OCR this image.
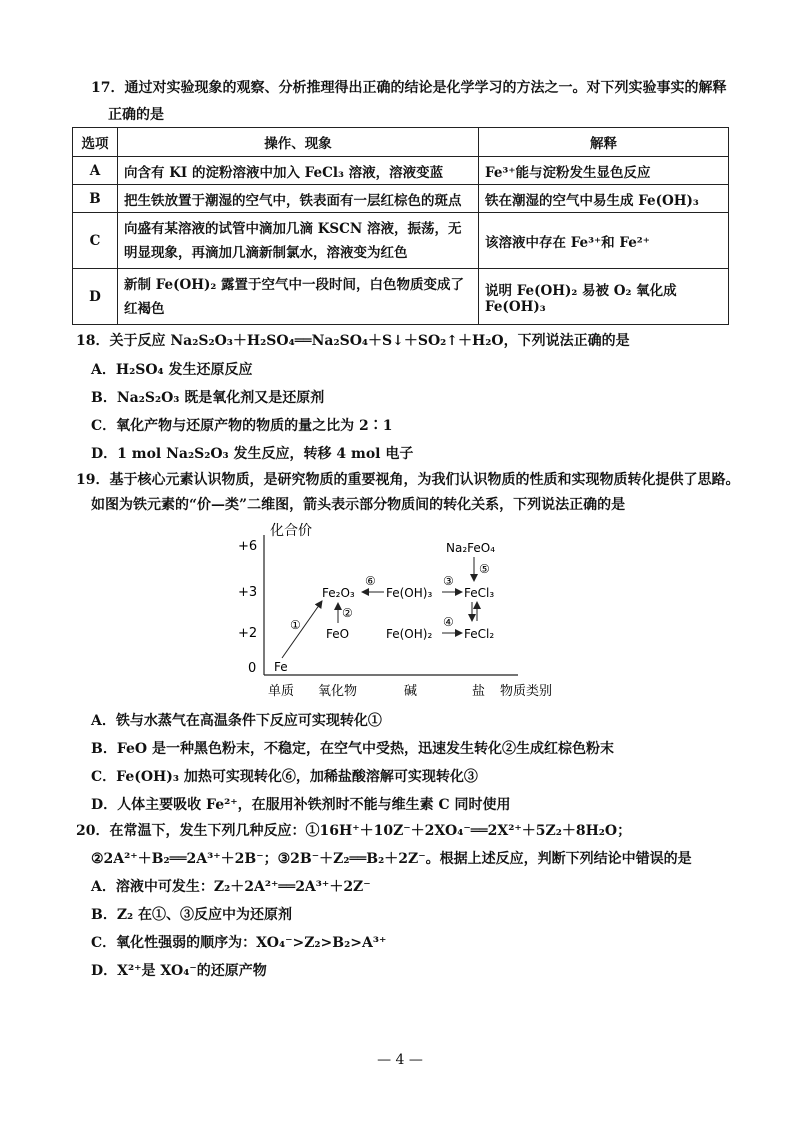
17．通过对实验现象的观察、分析推理得出正确的结论是化学学习的方法之一。对下列实验事实的解释
正确的是
选项	操作、现象	解释
A	向含有 KI 的淀粉溶液中加入 FeCl₃ 溶液，溶液变蓝	Fe³⁺能与淀粉发生显色反应
B	把生铁放置于潮湿的空气中，铁表面有一层红棕色的斑点	铁在潮湿的空气中易生成 Fe(OH)₃
C	向盛有某溶液的试管中滴加几滴 KSCN 溶液，振荡，无明显现象，再滴加几滴新制氯水，溶液变为红色	该溶液中存在 Fe³⁺和 Fe²⁺
D	新制 Fe(OH)₂ 露置于空气中一段时间，白色物质变成了红褐色	说明 Fe(OH)₂ 易被 O₂ 氧化成 Fe(OH)₃
18．关于反应 Na₂S₂O₃＋H₂SO₄══Na₂SO₄＋S↓＋SO₂↑＋H₂O，下列说法正确的是
A．H₂SO₄ 发生还原反应
B．Na₂S₂O₃ 既是氧化剂又是还原剂
C．氧化产物与还原产物的物质的量之比为 2∶1
D．1 mol Na₂S₂O₃ 发生反应，转移 4 mol 电子
19．基于核心元素认识物质，是研究物质的重要视角，为我们认识物质的性质和实现物质转化提供了思路。
如图为铁元素的“价—类”二维图，箭头表示部分物质间的转化关系，下列说法正确的是
化合价
+6
+3
+2
0
单质 氧化物	碱	盐 物质类别
Na₂FeO₄
Fe₂O₃	Fe(OH)₃	FeCl₃
FeO	Fe(OH)₂	FeCl₂
Fe
①
②
③
④
⑤
⑥
A．铁与水蒸气在高温条件下反应可实现转化①
B．FeO 是一种黑色粉末，不稳定，在空气中受热，迅速发生转化②生成红棕色粉末
C．Fe(OH)₃ 加热可实现转化⑥，加稀盐酸溶解可实现转化③
D．人体主要吸收 Fe²⁺，在服用补铁剂时不能与维生素 C 同时使用
20．在常温下，发生下列几种反应：①16H⁺＋10Z⁻＋2XO₄⁻══2X²⁺＋5Z₂＋8H₂O；
②2A²⁺＋B₂══2A³⁺＋2B⁻；③2B⁻＋Z₂══B₂＋2Z⁻。根据上述反应，判断下列结论中错误的是
A．溶液中可发生：Z₂＋2A²⁺══2A³⁺＋2Z⁻
B．Z₂ 在①、③反应中为还原剂
C．氧化性强弱的顺序为：XO₄⁻>Z₂>B₂>A³⁺
D．X²⁺是 XO₄⁻的还原产物
— 4 —
